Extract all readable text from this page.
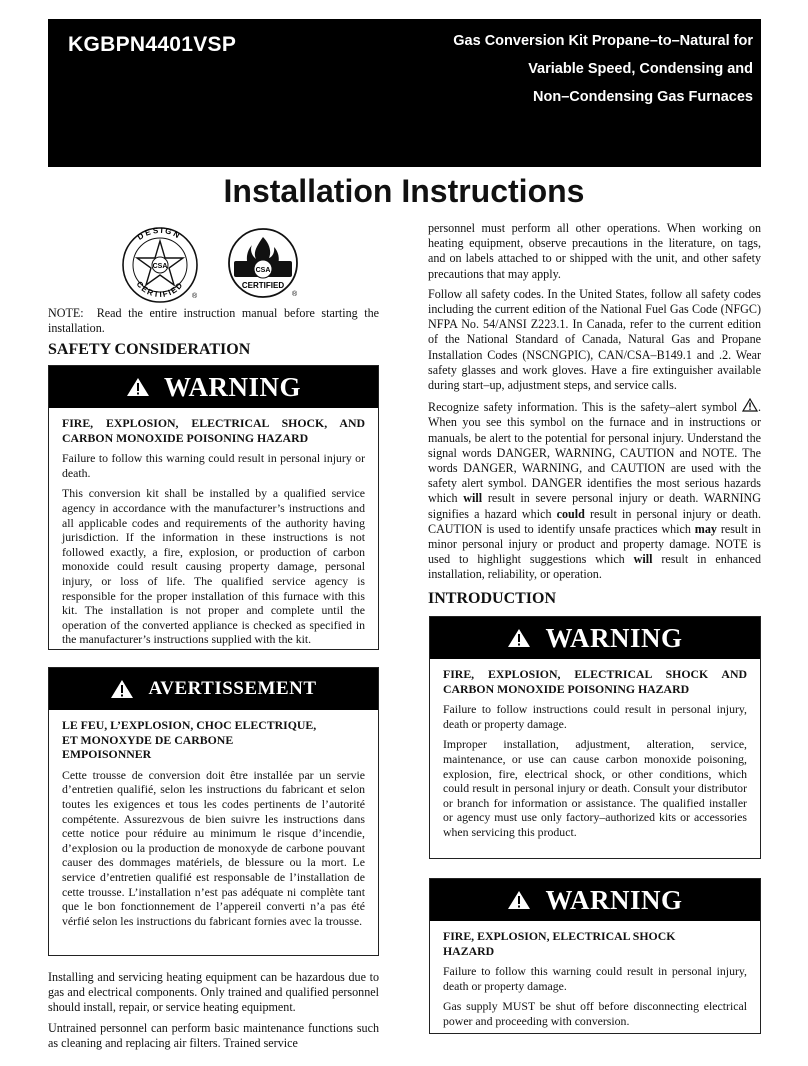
KGBPN4401VSP	Gas Conversion Kit Propane–to–Natural for
Variable Speed, Condensing and
Non–Condensing Gas Furnaces
Installation Instructions
DESIGN
CERTIFIED
CSA
®
CSA
CERTIFIED
®

NOTE: Read the entire instruction manual before starting the installation.

SAFETY CONSIDERATION

WARNING

FIRE, EXPLOSION, ELECTRICAL SHOCK, AND CARBON MONOXIDE POISONING HAZARD

Failure to follow this warning could result in personal injury or death.

This conversion kit shall be installed by a qualified service agency in accordance with the manufacturer’s instructions and all applicable codes and requirements of the authority having jurisdiction. If the information in these instructions is not followed exactly, a fire, explosion, or production of carbon monoxide could result causing property damage, personal injury, or loss of life. The qualified service agency is responsible for the proper installation of this furnace with this kit. The installation is not proper and complete until the operation of the converted appliance is checked as specified in the manufacturer’s instructions supplied with the kit.

AVERTISSEMENT

LE FEU, L’EXPLOSION, CHOC ELECTRIQUE,
ET MONOXYDE DE CARBONE
EMPOISONNER

Cette trousse de conversion doit être installée par un servie d’entretien qualifié, selon les instructions du fabricant et selon toutes les exigences et tous les codes pertinents de l’autorité compétente. Assurezvous de bien suivre les instructions dans cette notice pour réduire au minimum le risque d’incendie, d’explosion ou la production de monoxyde de carbone pouvant causer des dommages matériels, de blessure ou la mort. Le service d’entretien qualifié est responsable de l’installation de cette trousse. L’installation n’est pas adéquate ni complète tant que le bon fonctionnement de l’appereil converti n’a pas été vérfié selon les instructions du fabricant fornies avec la trousse.

Installing and servicing heating equipment can be hazardous due to gas and electrical components. Only trained and qualified personnel should install, repair, or service heating equipment.

Untrained personnel can perform basic maintenance functions such as cleaning and replacing air filters. Trained service

personnel must perform all other operations. When working on heating equipment, observe precautions in the literature, on tags, and on labels attached to or shipped with the unit, and other safety precautions that may apply.

Follow all safety codes. In the United States, follow all safety codes including the current edition of the National Fuel Gas Code (NFGC) NFPA No. 54/ANSI Z223.1. In Canada, refer to the current edition of the National Standard of Canada, Natural Gas and Propane Installation Codes (NSCNGPIC), CAN/CSA–B149.1 and .2. Wear safety glasses and work gloves. Have a fire extinguisher available during start–up, adjustment steps, and service calls.

Recognize safety information. This is the safety–alert symbol . When you see this symbol on the furnace and in instructions or manuals, be alert to the potential for personal injury. Understand the signal words DANGER, WARNING, CAUTION and NOTE. The words DANGER, WARNING, and CAUTION are used with the safety alert symbol. DANGER identifies the most serious hazards which will result in severe personal injury or death. WARNING signifies a hazard which could result in personal injury or death. CAUTION is used to identify unsafe practices which may result in minor personal injury or product and property damage. NOTE is used to highlight suggestions which will result in enhanced installation, reliability, or operation.

INTRODUCTION

WARNING

FIRE, EXPLOSION, ELECTRICAL SHOCK AND CARBON MONOXIDE POISONING HAZARD

Failure to follow instructions could result in personal injury, death or property damage.

Improper installation, adjustment, alteration, service, maintenance, or use can cause carbon monoxide poisoning, explosion, fire, electrical shock, or other conditions, which could result in personal injury or death. Consult your distributor or branch for information or assistance. The qualified installer or agency must use only factory–authorized kits or accessories when servicing this product.

WARNING

FIRE, EXPLOSION, ELECTRICAL SHOCK
HAZARD

Failure to follow this warning could result in personal injury, death or property damage.

Gas supply MUST be shut off before disconnecting electrical power and proceeding with conversion.
